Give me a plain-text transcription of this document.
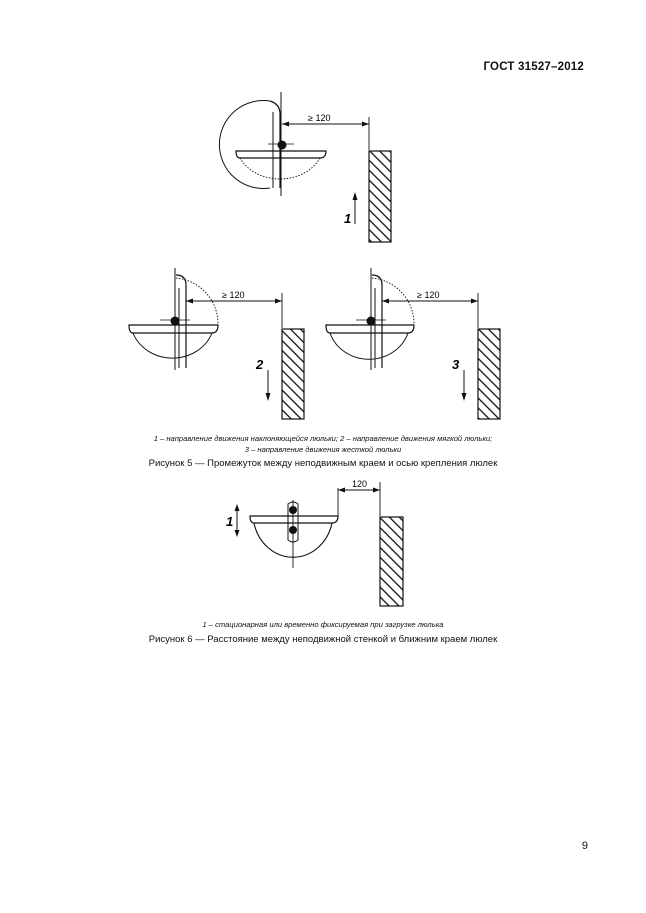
ГОСТ 31527–2012
≥ 120
1
≥ 120
2
≥ 120
3
120
1
1 – направление движения наклоняющейся люльки; 2 – направление движения мягкой люльки;
3 – направление движения жесткой люльки
Рисунок 5 — Промежуток между неподвижным краем и осью крепления люлек
1 – стационарная или временно фиксируемая при загрузке люлька
Рисунок 6 — Расстояние между неподвижной стенкой и ближним краем люлек
9
